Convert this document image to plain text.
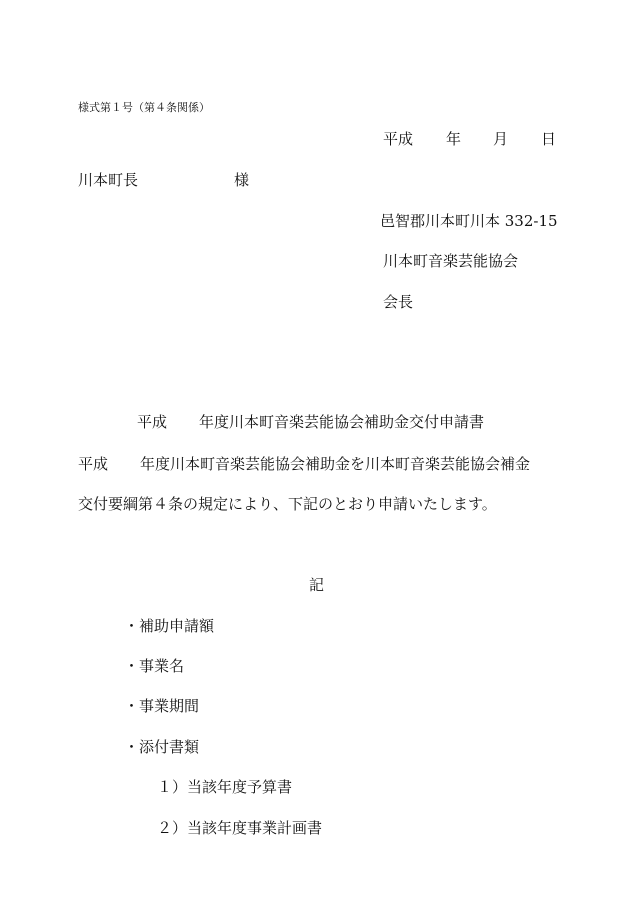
様式第１号（第４条関係）
平成 年 月 日
川本町長	様
邑智郡川本町川本 332-15
川本町音楽芸能協会
会長
平成 年度川本町音楽芸能協会補助金交付申請書
平成 年度川本町音楽芸能協会補助金を川本町音楽芸能協会補金
交付要綱第４条の規定により、下記のとおり申請いたします。
記
・補助申請額
・事業名
・事業期間
・添付書類
１） 当該年度予算書
２） 当該年度事業計画書
